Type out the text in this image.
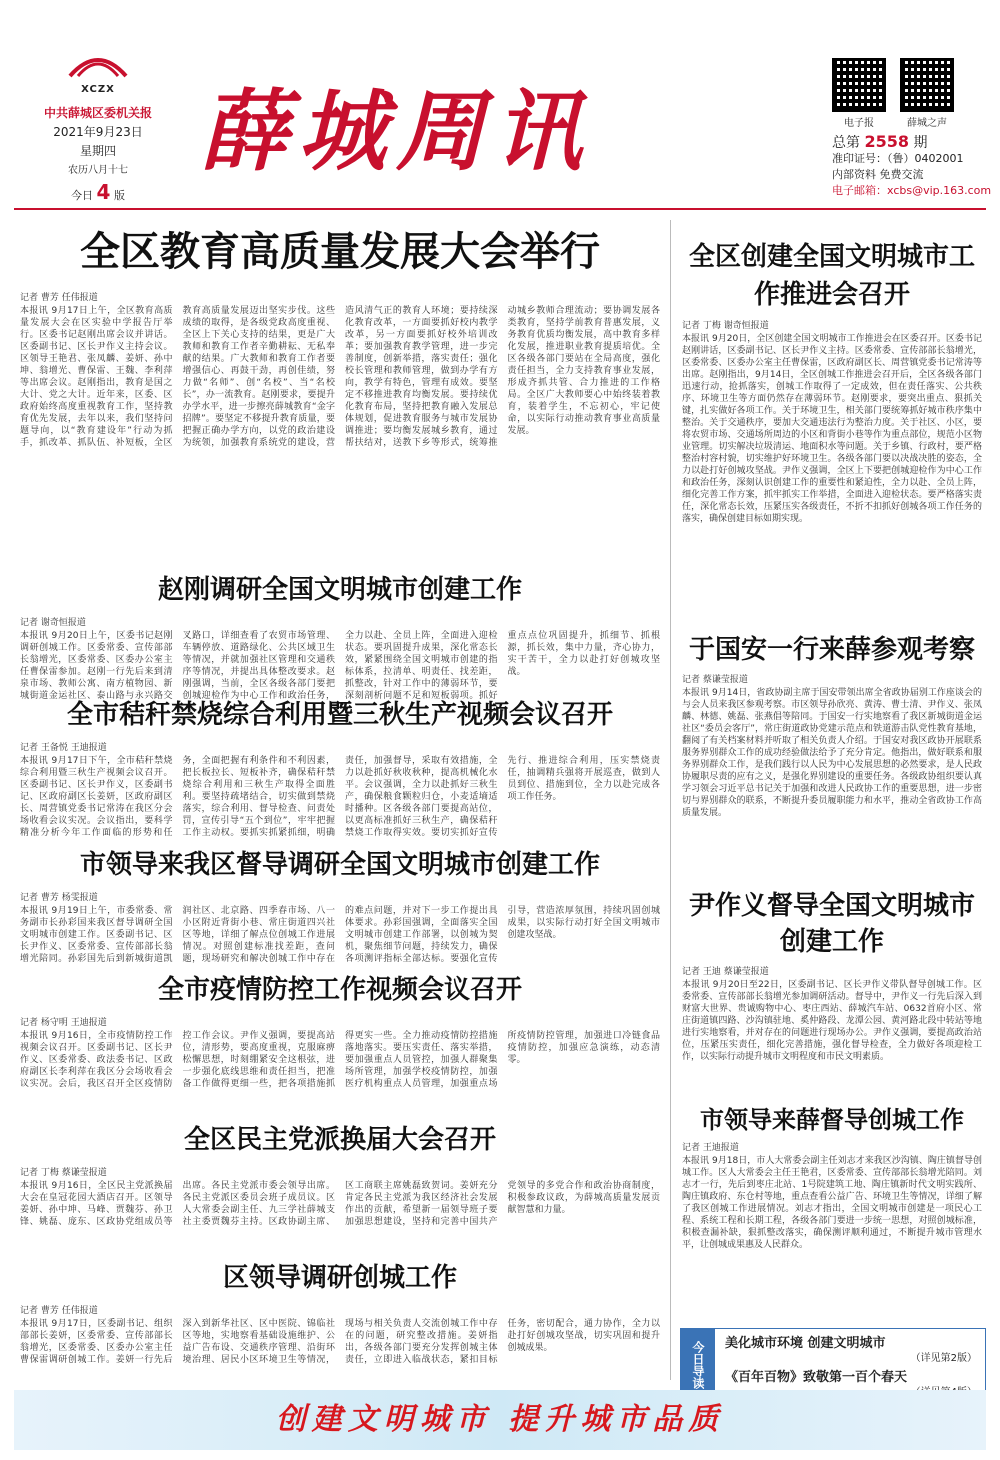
XCZX
中共薛城区委机关报
2021年9月23日
星期四
农历八月十七
今日 4 版
薛城周讯	电子报	薛城之声
总第 2558 期
准印证号：（鲁）0402001
内部资料 免费交流
电子邮箱：xcbs@vip.163.com
全区教育高质量发展大会举行
记者 曹芳 任伟报道
本报讯 9月17日上午，全区教育高质量发展大会在区实验中学报告厅举行。区委书记赵刚出席会议并讲话。区委副书记、区长尹作义主持会议。区领导王艳君、张凤麟、姜妍、孙中坤、翁增光、曹保雷、王魏、李利萍等出席会议。赵刚指出，教育是国之大计、党之大计。近年来，区委、区政府始终高度重视教育工作，坚持教育优先发展，去年以来，我们坚持问题导向，以“教育建设年”行动为抓手，抓改革、抓队伍、补短板，全区教育高质量发展迈出坚实步伐。这些成绩的取得，是各级党政高度重视、全区上下关心支持的结果，更是广大教师和教育工作者辛勤耕耘、无私奉献的结果。广大教师和教育工作者要增强信心、再鼓干劲，再创佳绩，努力做“名师”、创“名校”、当“名校长”，办一流教育。赵刚要求，要提升办学水平，进一步擦亮薛城教育“金字招牌”。要坚定不移提升教育质量，要把握正确办学方向，以党的政治建设为统领，加强教育系统党的建设，营造风清气正的教育人环境；要持续深化教育改革，一方面要抓好校内教学改革，另一方面要抓好校外培训改革；要加强教育教学管理，进一步完善制度，创新举措，落实责任；强化校长管理和教师管理，做到办学有方向，教学有特色，管理有成效。要坚定不移推进教育均衡发展。要持续优化教育布局，坚持把教育融入发展总体规划，促进教育服务与城市发展协调推进；要均衡发展城乡教育，通过帮扶结对，送教下乡等形式，统筹推动城乡教师合理流动；要协调发展各类教育，坚持学前教育普惠发展，义务教育优质均衡发展，高中教育多样化发展，推进职业教育提质培优。全区各级各部门要站在全局高度，强化责任担当，全力支持教育事业发展，形成齐抓共管、合力推进的工作格局。全区广大教师要心中始终装着教育，装着学生，不忘初心，牢记使命，以实际行动推动教育事业高质量发展。
赵刚调研全国文明城市创建工作
记者 谢奇恒报道
本报讯 9月20日上午，区委书记赵刚调研创城工作。区委常委、宣传部部长翁增光，区委常委、区委办公室主任曹保雷参加。赵刚一行先后来到清泉市场、教师公寓、南方植物园、新城街道金运社区、泰山路与永兴路交叉路口，详细查看了农贸市场管理、车辆停放、道路绿化、公共区域卫生等情况，并就加强社区管理和交通秩序等情况，并提出具体整改要求。赵刚强调，当前，全区各级各部门要把创城迎检作为中心工作和政治任务，全力以赴、全员上阵，全面进入迎检状态。要巩固提升成果，深化常态长效，紧紧围绕全国文明城市创建的指标体系，拉清单、明责任、找差距，抓整改，针对工作中的薄弱环节，要深刻剖析问题不足和短板弱项。抓好重点点位巩固提升，抓细节、抓根源，抓长效，集中力量，齐心协力，实干苦干，全力以赴打好创城攻坚战。
全市秸秆禁烧综合利用暨三秋生产视频会议召开
记者 王备悦 王迪报道
本报讯 9月17日下午，全市秸秆禁烧综合利用暨三秋生产视频会议召开。区委副书记、区长尹作义，区委副书记、区政府副区长姜妍，区政府副区长、周营镇党委书记常涛在我区分会场收看会议实况。会议指出，要科学精准分析今年工作面临的形势和任务，全面把握有利条件和不利因素，把长板拉长、短板补齐，确保秸秆禁烧综合利用和三秋生产取得全面胜利。要坚持疏堵结合，切实做到禁烧落实，综合利用、督导检查、问责处罚，宣传引导“五个到位”，牢牢把握工作主动权。要抓实抓紧抓细，明确责任，加强督导，采取有效措施，全力以赴抓好秋收秋种，提高机械化水平。会议强调，全力以赴抓好三秋生产，确保粮食颗粒归仓，小麦适墒适时播种。区各级各部门要提高站位，以更高标准抓好三秋生产，确保秸秆禁烧工作取得实效。要切实抓好宣传先行、推进综合利用，压实禁烧责任，抽调精兵强将开展巡查，做到人员到位、措施到位，全力以赴完成各项工作任务。
市领导来我区督导调研全国文明城市创建工作
记者 曹芳 杨雯报道
本报讯 9月19日上午，市委常委、常务副市长孙彩国来我区督导调研全国文明城市创建工作。区委副书记、区长尹作义、区委常委、宣传部部长翁增光陪同。孙彩国先后到新城街道凯润社区、北京路、四季春市场、八一小区附近背街小巷、常庄街道四兴社区等地，详细了解点位创城工作进展情况。对照创建标准找差距，查问题，现场研究和解决创城工作中存在的难点问题，并对下一步工作提出具体要求。孙彩国强调，全面落实全国文明城市创建工作部署，以创城为契机，聚焦细节问题，持续发力，确保各项测评指标全部达标。要强化宣传引导，营造浓厚氛围，持续巩固创城成果，以实际行动打好全国文明城市创建攻坚战。
全市疫情防控工作视频会议召开
记者 杨守明 王迪报道
本报讯 9月16日，全市疫情防控工作视频会议召开。区委副书记、区长尹作义、区委常委、政法委书记、区政府副区长李利萍在我区分会场收看会议实况。会后，我区召开全区疫情防控工作会议。尹作义强调，要提高站位，清形势，要高度重视，克服麻痹松懈思想，时刻绷紧安全这根弦，进一步强化底线思维和责任担当，把准备工作做得更细一些，把各项措施抓得更实一些。全力推动疫情防控措施落地落实。要压实责任、落实举措，要加强重点人员管控，加强人群聚集场所管理，加强学校疫情防控，加强医疗机构重点人员管理，加强重点场所疫情防控管理，加强进口冷链食品疫情防控，加强应急演练，动态清零。
全区民主党派换届大会召开
记者 丁梅 蔡谦莹报道
本报讯 9月16日，全区民主党派换届大会在皇冠花园大酒店召开。区领导姜妍、孙中坤、马峰、贾魏芬、孙卫锋、姚磊、庞东、区政协党组成员等出席。各民主党派市委会领导出席。各民主党派区委员会班子成员议。区人大常委会副主任、九三学社薛城支社主委贾魏芬主持。区政协副主席、区工商联主席姚磊致贺词。姜妍充分肯定各民主党派为我区经济社会发展作出的贡献，希望新一届领导班子要加强思想建设，坚持和完善中国共产党领导的多党合作和政治协商制度，积极参政议政，为薛城高质量发展贡献智慧和力量。
区领导调研创城工作
记者 曹芳 任伟报道
本报讯 9月17日，区委副书记、组织部部长姜妍，区委常委、宣传部部长翁增光，区委常委、区委办公室主任曹保雷调研创城工作。姜妍一行先后深入到新华社区、区中医院、锦临社区等地，实地察看基础设施维护、公益广告布设、交通秩序管理、沿街环境治理、居民小区环境卫生等情况，现场与相关负责人交流创城工作中存在的问题，研究整改措施。姜妍指出，各级各部门要充分发挥创城主体责任，立即进入临战状态，紧扣目标任务，密切配合，通力协作，全力以赴打好创城攻坚战，切实巩固和提升创城成果。
全区创建全国文明城市工作推进会召开
记者 丁梅 谢奇恒报道
本报讯 9月20日，全区创建全国文明城市工作推进会在区委召开。区委书记赵刚讲话，区委副书记、区长尹作义主持。区委常委、宣传部部长翁增光，区委常委、区委办公室主任曹保雷，区政府副区长、周营镇党委书记常涛等出席。赵刚指出，9月14日，全区创城工作推进会召开后，全区各级各部门迅速行动，抢抓落实，创城工作取得了一定成效，但在责任落实、公共秩序、环境卫生等方面仍然存在薄弱环节。赵刚要求，要突出重点、狠抓关键，扎实做好各项工作。关于环境卫生，相关部门要统筹抓好城市秩序集中整治。关于交通秩序，要加大交通违法行为整治力度。关于社区、小区，要将农贸市场、交通场所周边的小区和背街小巷等作为重点部位，规范小区物业管理。切实解决垃圾清运、地面积水等问题。关于乡镇、行政村，要严格整治村容村貌，切实维护好环境卫生。各级各部门要以决战决胜的姿态，全力以赴打好创城攻坚战。尹作义强调，全区上下要把创城迎检作为中心工作和政治任务，深刻认识创建工作的重要性和紧迫性，全力以赴、全员上阵，细化完善工作方案，抓牢抓实工作举措，全面进入迎检状态。要严格落实责任，深化常态长效，压紧压实各级责任，不折不扣抓好创城各项工作任务的落实，确保创建目标如期实现。
于国安一行来薛参观考察
记者 蔡谦莹报道
本报讯 9月14日，省政协副主席于国安带领出席全省政协届别工作座谈会的与会人员来我区参观考察。市区领导孙欣亮、黄涛、曹士清、尹作义、张凤麟、林德、姚磊、张燕倡等陪同。于国安一行实地察看了我区新城街道金运社区“委员会客厅”，常庄街道政协党建示范点和铁道游击队党性教育基地，翻阅了有关档案材料并听取了相关负责人介绍。于国安对我区政协开展联系服务界别群众工作的成功经验做法给予了充分肯定。他指出，做好联系和服务界别群众工作，是我们践行以人民为中心发展思想的必然要求，是人民政协履职尽责的应有之义，是强化界别建设的重要任务。各级政协组织要认真学习领会习近平总书记关于加强和改进人民政协工作的重要思想，进一步密切与界别群众的联系，不断提升委员履职能力和水平，推动全省政协工作高质量发展。
尹作义督导全国文明城市创建工作
记者 王迪 蔡谦莹报道
本报讯 9月20日至22日，区委副书记、区长尹作义带队督导创城工作。区委常委、宣传部部长翁增光参加调研活动。督导中，尹作义一行先后深入到财富大世界、贵诚购物中心、枣庄西站、薛城汽车站、0632首府小区、常庄街道镇四路、沙沟镇驻地、奚仲路段、龙潭公园、黄河路北段中转站等地进行实地察看，并对存在的问题进行现场办公。尹作义强调，要提高政治站位，压紧压实责任，细化完善措施，强化督导检查，全力做好各项迎检工作，以实际行动提升城市文明程度和市民文明素质。
市领导来薛督导创城工作
记者 王迪报道
本报讯 9月18日，市人大常委会副主任刘志才来我区沙沟镇、陶庄镇督导创城工作。区人大常委会主任王艳君，区委常委、宣传部部长翁增光陪同。刘志才一行，先后到枣庄北站、1号院建筑工地、陶庄镇新时代文明实践所、陶庄镇政府、东仓村等地，重点查看公益广告、环境卫生等情况，详细了解了我区创城工作进展情况。刘志才指出，全国文明城市创建是一项民心工程、系统工程和长期工程，各级各部门要进一步统一思想，对照创城标准，积极查漏补缺，狠抓整改落实，确保测评顺利通过，不断提升城市管理水平，让创城成果惠及人民群众。
今日导读	美化城市环境 创建文明城市
（详见第2版）
《百年百物》致敬第一百个春天
创建文明城市 提升城市品质
